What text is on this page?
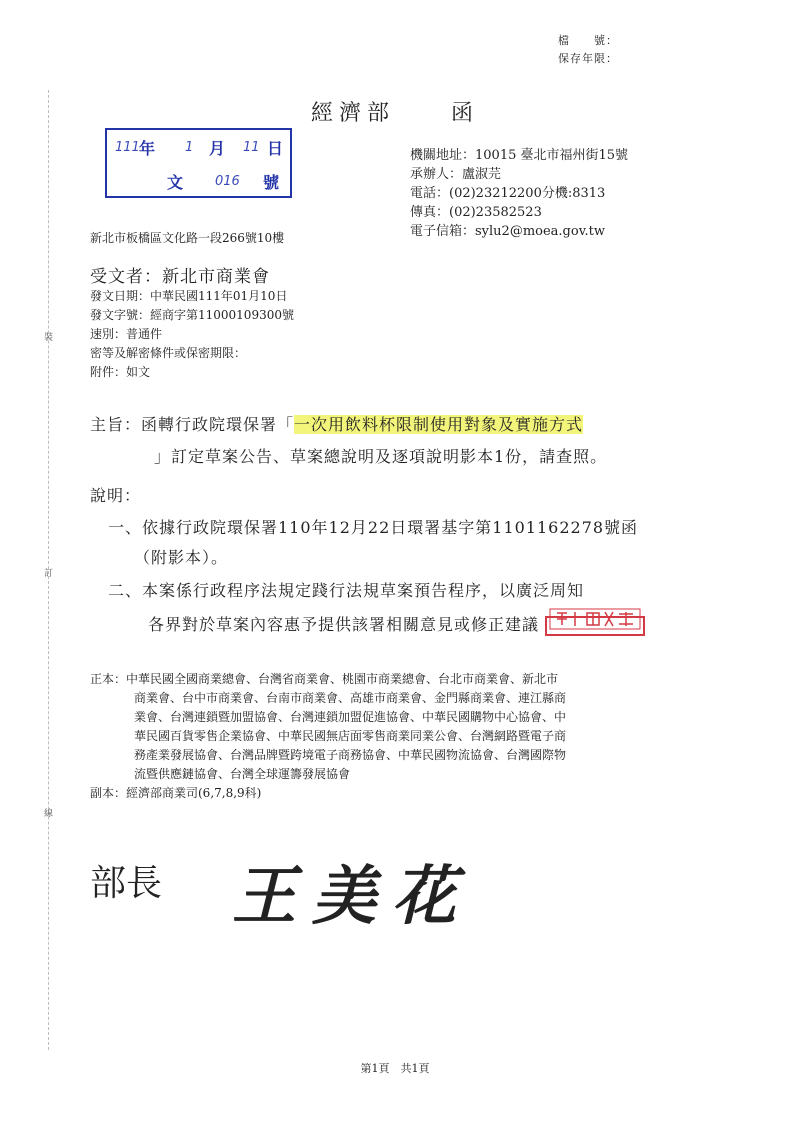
裝
訂
線
檔　　號：
保存年限：
經濟部　　函
111 年 1 月 11 日
文 016 號
機關地址：10015 臺北市福州街15號
承辦人：盧淑芫
電話：(02)23212200分機:8313
傳真：(02)23582523
電子信箱：sylu2@moea.gov.tw
新北市板橋區文化路一段266號10樓
受文者：新北市商業會
發文日期：中華民國111年01月10日
發文字號：經商字第11000109300號
速別：普通件
密等及解密條件或保密期限：
附件：如文
主旨：函轉行政院環保署「一次用飲料杯限制使用對象及實施方式
」訂定草案公告、草案總說明及逐項說明影本1份，請查照。
說明：
一、依據行政院環保署110年12月22日環署基字第1101162278號函
（附影本）。
二、本案係行政程序法規定踐行法規草案預告程序，以廣泛周知
各界對於草案內容惠予提供該署相關意見或修正建議
正本：中華民國全國商業總會、台灣省商業會、桃園市商業總會、台北市商業會、新北市
商業會、台中市商業會、台南市商業會、高雄市商業會、金門縣商業會、連江縣商
業會、台灣連鎖暨加盟協會、台灣連鎖加盟促進協會、中華民國購物中心協會、中
華民國百貨零售企業協會、中華民國無店面零售商業同業公會、台灣網路暨電子商
務產業發展協會、台灣品牌暨跨境電子商務協會、中華民國物流協會、台灣國際物
流暨供應鏈協會、台灣全球運籌發展協會
副本：經濟部商業司(6,7,8,9科)
部長 王美花
第1頁　共1頁
